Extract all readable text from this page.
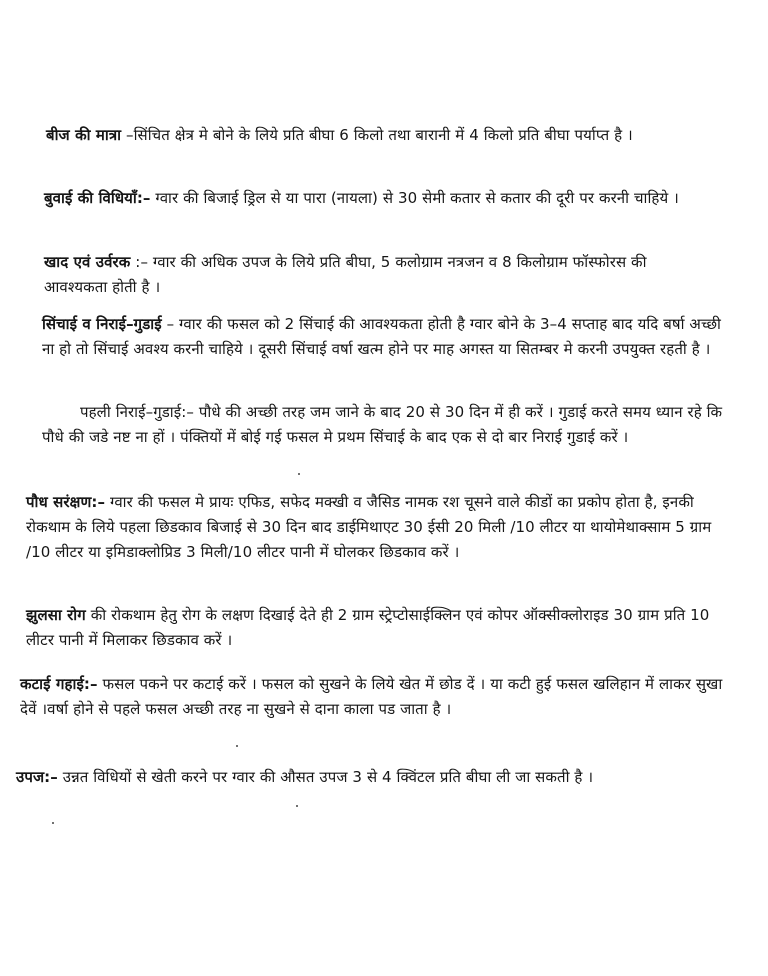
बीज की मात्रा –सिंचित क्षेत्र मे बोने के लिये प्रति बीघा 6 किलो तथा बारानी में 4 किलो प्रति बीघा पर्याप्त है ।

बुवाई की विधियाँ:– ग्वार की बिजाई ड्रिल से या पारा (नायला) से 30 सेमी कतार से कतार की दूरी पर करनी चाहिये ।

खाद एवं उर्वरक :– ग्वार की अधिक उपज के लिये प्रति बीघा, 5 कलोग्राम नत्रजन व 8 किलोग्राम फॉस्फोरस की आवश्यकता होती है ।

सिंचाई व निराई–गुडाई – ग्वार की फसल को 2 सिंचाई की आवश्यकता होती है ग्वार बोने के 3–4 सप्ताह बाद यदि बर्षा अच्छी ना हो तो सिंचाई अवश्य करनी चाहिये । दूसरी सिंचाई वर्षा खत्म होने पर माह अगस्त या सितम्बर मे करनी उपयुक्त रहती है ।

पहली निराई–गुडाई:– पौधे की अच्छी तरह जम जाने के बाद 20 से 30 दिन में ही करें । गुडाई करते समय ध्यान रहे कि पौधे की जडे नष्ट ना हों । पंक्तियों में बोई गई फसल मे प्रथम सिंचाई के बाद एक से दो बार निराई गुडाई करें ।

पौध सरंक्षण:– ग्वार की फसल मे प्रायः एफिड, सफेद मक्खी व जैसिड नामक रश चूसने वाले कीडों का प्रकोप होता है, इनकी रोकथाम के लिये पहला छिडकाव बिजाई से 30 दिन बाद डाईमिथाएट 30 ईसी 20 मिली /10 लीटर या थायोमेथाक्साम 5 ग्राम /10 लीटर या इमिडाक्लोप्रिड 3 मिली/10 लीटर पानी में घोलकर छिडकाव करें ।

झुलसा रोग की रोकथाम हेतु रोग के लक्षण दिखाई देते ही 2 ग्राम स्ट्रेप्टोसाईक्लिन एवं कोपर ऑक्सीक्लोराइड 30 ग्राम प्रति 10 लीटर पानी में मिलाकर छिडकाव करें ।

कटाई गहाई:– फसल पकने पर कटाई करें । फसल को सुखने के लिये खेत में छोड दें । या कटी हुई फसल खलिहान में लाकर सुखा देवें ।वर्षा होने से पहले फसल अच्छी तरह ना सुखने से दाना काला पड जाता है ।

उपज:– उन्नत विधियों से खेती करने पर ग्वार की औसत उपज 3 से 4 क्विंटल प्रति बीघा ली जा सकती है ।
